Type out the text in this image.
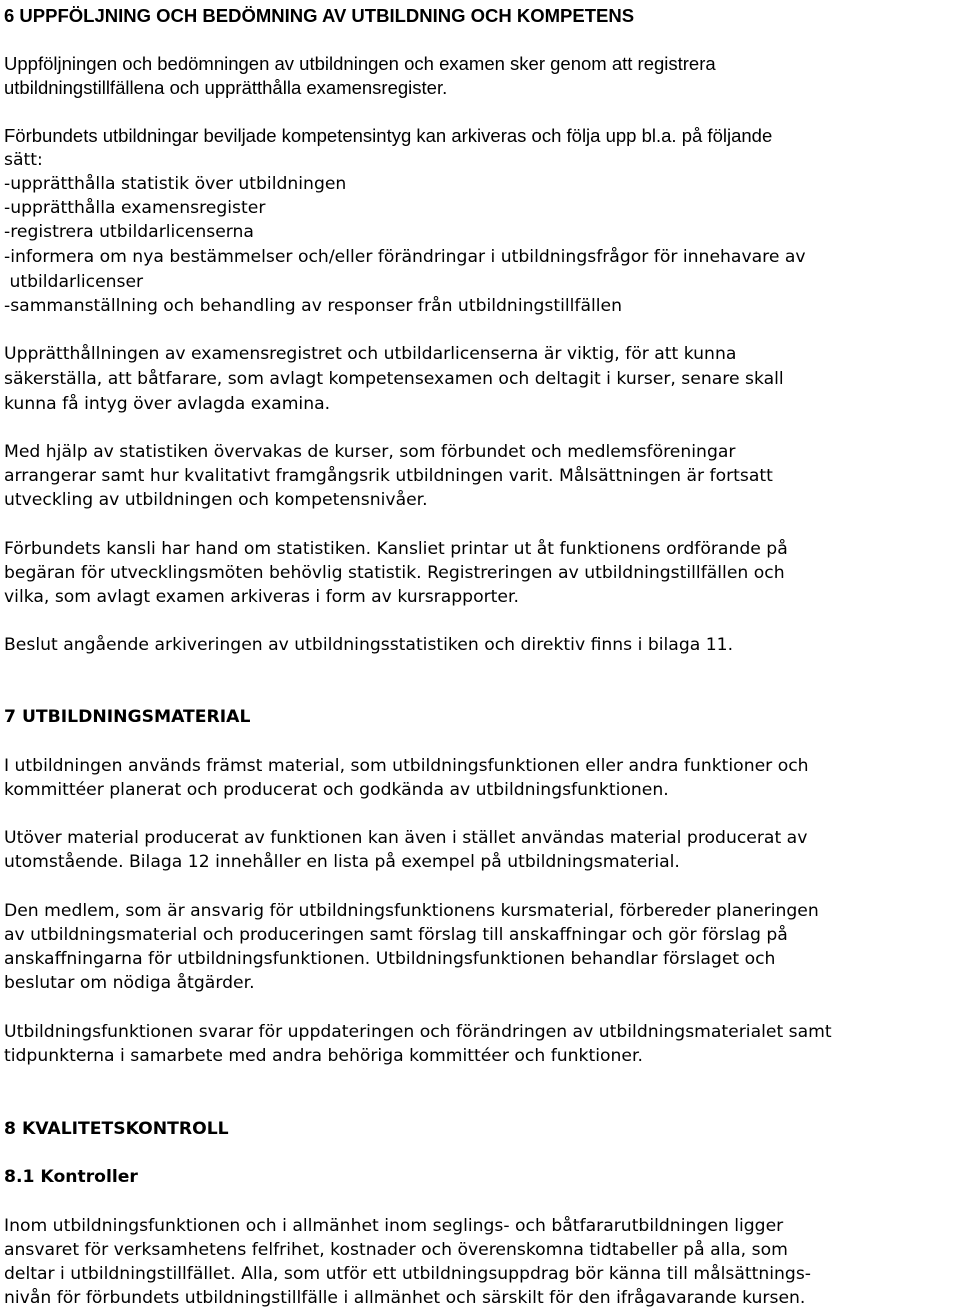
6 UPPFÖLJNING OCH BEDÖMNING AV UTBILDNING OCH KOMPETENS
Uppföljningen och bedömningen av utbildningen och examen sker genom att registrera
utbildningstillfällena och upprätthålla examensregister.
Förbundets utbildningar beviljade kompetensintyg kan arkiveras och följa upp bl.a. på följande
sätt:
-upprätthålla statistik över utbildningen
-upprätthålla examensregister
-registrera utbildarlicenserna
-informera om nya bestämmelser och/eller förändringar i utbildningsfrågor för innehavare av
utbildarlicenser
-sammanställning och behandling av responser från utbildningstillfällen
Upprätthållningen av examensregistret och utbildarlicenserna är viktig, för att kunna
säkerställa, att båtfarare, som avlagt kompetensexamen och deltagit i kurser, senare skall
kunna få intyg över avlagda examina.
Med hjälp av statistiken övervakas de kurser, som förbundet och medlemsföreningar
arrangerar samt hur kvalitativt framgångsrik utbildningen varit. Målsättningen är fortsatt
utveckling av utbildningen och kompetensnivåer.
Förbundets kansli har hand om statistiken. Kansliet printar ut åt funktionens ordförande på
begäran för utvecklingsmöten behövlig statistik. Registreringen av utbildningstillfällen och
vilka, som avlagt examen arkiveras i form av kursrapporter.
Beslut angående arkiveringen av utbildningsstatistiken och direktiv finns i bilaga 11.
7 UTBILDNINGSMATERIAL
I utbildningen används främst material, som utbildningsfunktionen eller andra funktioner och
kommittéer planerat och producerat och godkända av utbildningsfunktionen.
Utöver material producerat av funktionen kan även i stället användas material producerat av
utomstående. Bilaga 12 innehåller en lista på exempel på utbildningsmaterial.
Den medlem, som är ansvarig för utbildningsfunktionens kursmaterial, förbereder planeringen
av utbildningsmaterial och produceringen samt förslag till anskaffningar och gör förslag på
anskaffningarna för utbildningsfunktionen. Utbildningsfunktionen behandlar förslaget och
beslutar om nödiga åtgärder.
Utbildningsfunktionen svarar för uppdateringen och förändringen av utbildningsmaterialet samt
tidpunkterna i samarbete med andra behöriga kommittéer och funktioner.
8 KVALITETSKONTROLL
8.1 Kontroller
Inom utbildningsfunktionen och i allmänhet inom seglings- och båtfararutbildningen ligger
ansvaret för verksamhetens felfrihet, kostnader och överenskomna tidtabeller på alla, som
deltar i utbildningstillfället. Alla, som utför ett utbildningsuppdrag bör känna till målsättnings-
nivån för förbundets utbildningstillfälle i allmänhet och särskilt för den ifrågavarande kursen.
